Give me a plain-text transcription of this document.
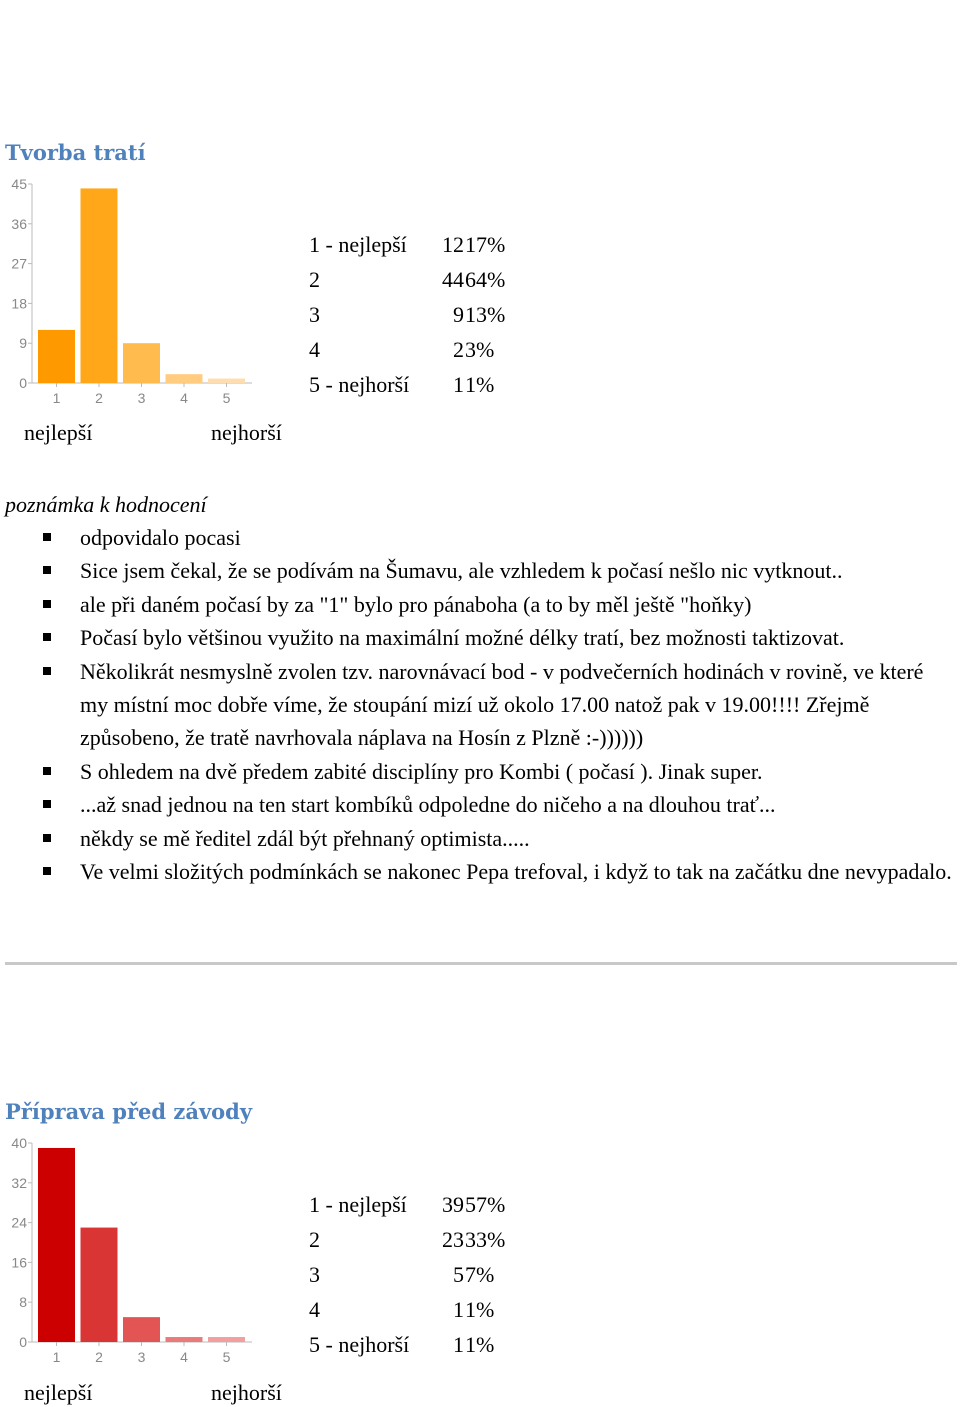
Tvorba tratí
0
9
18
27
36
45
1 2 3 4 5
1 - nejlepší	12 17%
2	44 64%
3	9 13%
4	2 3%
5 - nejhorší	1 1%
nejlepší	nejhorší

poznámka k hodnocení

odpovidalo pocasi
Sice jsem čekal, že se podívám na Šumavu, ale vzhledem k počasí nešlo nic vytknout..
ale při daném počasí by za "1" bylo pro pánaboha (a to by měl ještě "hoňky)
Počasí bylo většinou využito na maximální možné délky tratí, bez možnosti taktizovat.
Několikrát nesmyslně zvolen tzv. narovnávací bod - v podvečerních hodinách v rovině, ve které my místní moc dobře víme, že stoupání mizí už okolo 17.00 natož pak v 19.00!!!! Zřejmě způsobeno, že tratě navrhovala náplava na Hosín z Plzně :-))))))
S ohledem na dvě předem zabité disciplíny pro Kombi ( počasí ). Jinak super.
...až snad jednou na ten start kombíků odpoledne do ničeho a na dlouhou trať...
někdy se mě ředitel zdál být přehnaný optimista.....
Ve velmi složitých podmínkách se nakonec Pepa trefoval, i když to tak na začátku dne nevypadalo.
Příprava před závody
0
8
16
24
32
40
1 2 3 4 5
1 - nejlepší	39 57%
2	23 33%
3	5 7%
4	1 1%
5 - nejhorší	1 1%
nejlepší	nejhorší
